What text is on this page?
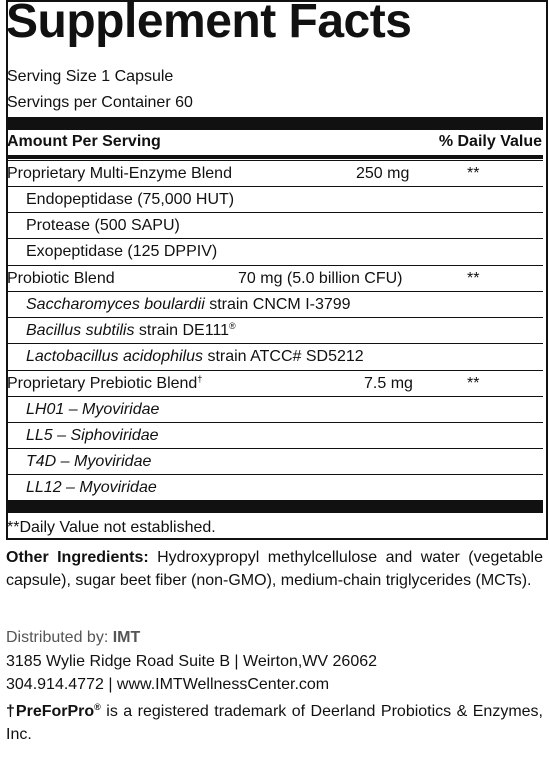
Supplement Facts
Serving Size 1 Capsule
Servings per Container 60
Amount Per Serving	% Daily Value
Proprietary Multi-Enzyme Blend	250 mg	**
Endopeptidase (75,000 HUT)
Protease (500 SAPU)
Exopeptidase (125 DPPIV)
Probiotic Blend	70 mg (5.0 billion CFU)	**
Saccharomyces boulardii strain CNCM I-3799
Bacillus subtilis strain DE111®
Lactobacillus acidophilus strain ATCC# SD5212
Proprietary Prebiotic Blend†	7.5 mg	**
LH01 – Myoviridae
LL5 – Siphoviridae
T4D – Myoviridae
LL12 – Myoviridae
**Daily Value not established.
Other Ingredients: Hydroxypropyl methylcellulose and water (vegetable capsule), sugar beet fiber (non-GMO), medium-chain triglycerides (MCTs).
Distributed by: IMT
3185 Wylie Ridge Road Suite B | Weirton,WV 26062
304.914.4772 | www.IMTWellnessCenter.com
†PreForPro® is a registered trademark of Deerland Probiotics & Enzymes, Inc.
